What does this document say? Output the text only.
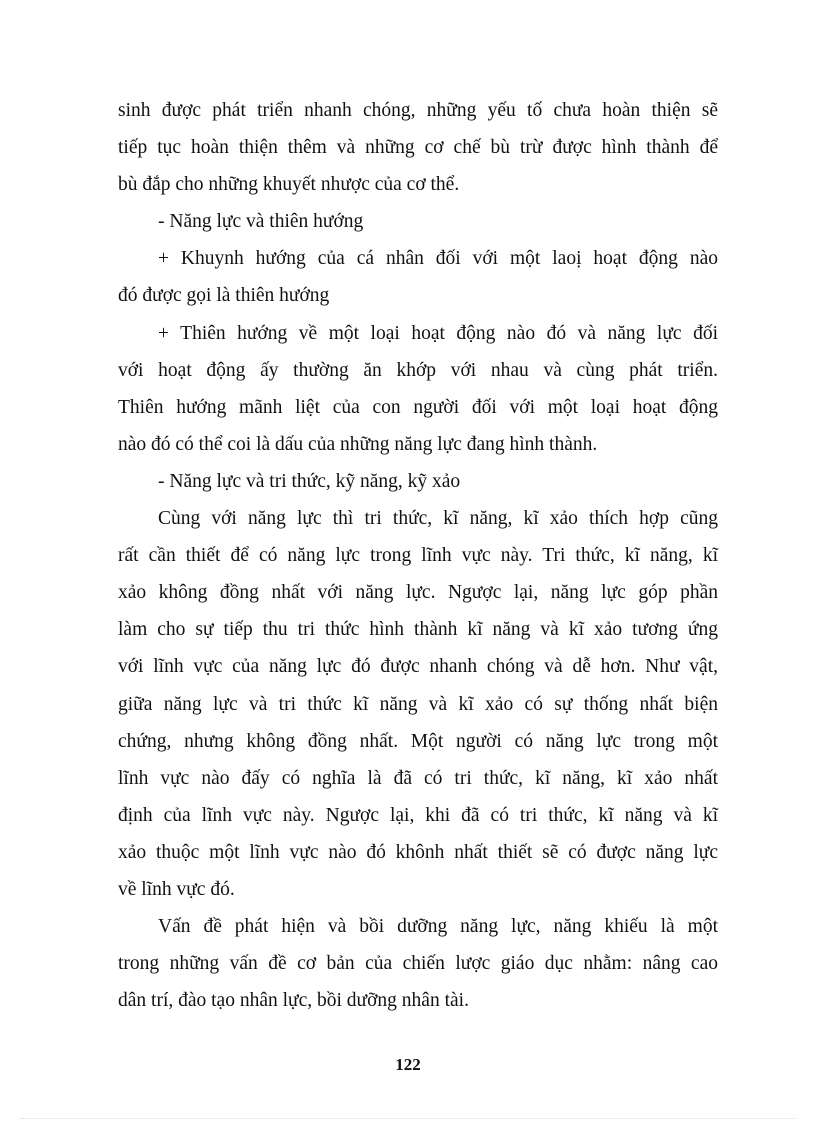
sinh được phát triển nhanh chóng, những yếu tố chưa hoàn thiện sẽ
tiếp tục hoàn thiện thêm và những cơ chế bù trừ được hình thành để
bù đắp cho những khuyết nhược của cơ thể.
- Năng lực và thiên hướng
+ Khuynh hướng của cá nhân đối với một laoị hoạt động nào
đó được gọi là thiên hướng
+ Thiên hướng về một loại hoạt động nào đó và năng lực đối
với hoạt động ấy thường ăn khớp với nhau và cùng phát triển.
Thiên hướng mãnh liệt của con người đối với một loại hoạt động
nào đó có thể coi là dấu của những năng lực đang hình thành.
- Năng lực và tri thức, kỹ năng, kỹ xảo
Cùng với năng lực thì tri thức, kĩ năng, kĩ xảo thích hợp cũng
rất cần thiết để có năng lực trong lĩnh vực này. Tri thức, kĩ năng, kĩ
xảo không đồng nhất với năng lực. Ngược lại, năng lực góp phần
làm cho sự tiếp thu tri thức hình thành kĩ năng và kĩ xảo tương ứng
với lĩnh vực của năng lực đó được nhanh chóng và dễ hơn. Như vật,
giữa năng lực và tri thức kĩ năng và kĩ xảo có sự thống nhất biện
chứng, nhưng không đồng nhất. Một người có năng lực trong một
lĩnh vực nào đấy có nghĩa là đã có tri thức, kĩ năng, kĩ xảo nhất
định của lĩnh vực này. Ngược lại, khi đã có tri thức, kĩ năng và kĩ
xảo thuộc một lĩnh vực nào đó khônh nhất thiết sẽ có được năng lực
về lĩnh vực đó.
Vấn đề phát hiện và bồi dưỡng năng lực, năng khiếu là một
trong những vấn đề cơ bản của chiến lược giáo dục nhằm: nâng cao
dân trí, đào tạo nhân lực, bồi dưỡng nhân tài.
122
